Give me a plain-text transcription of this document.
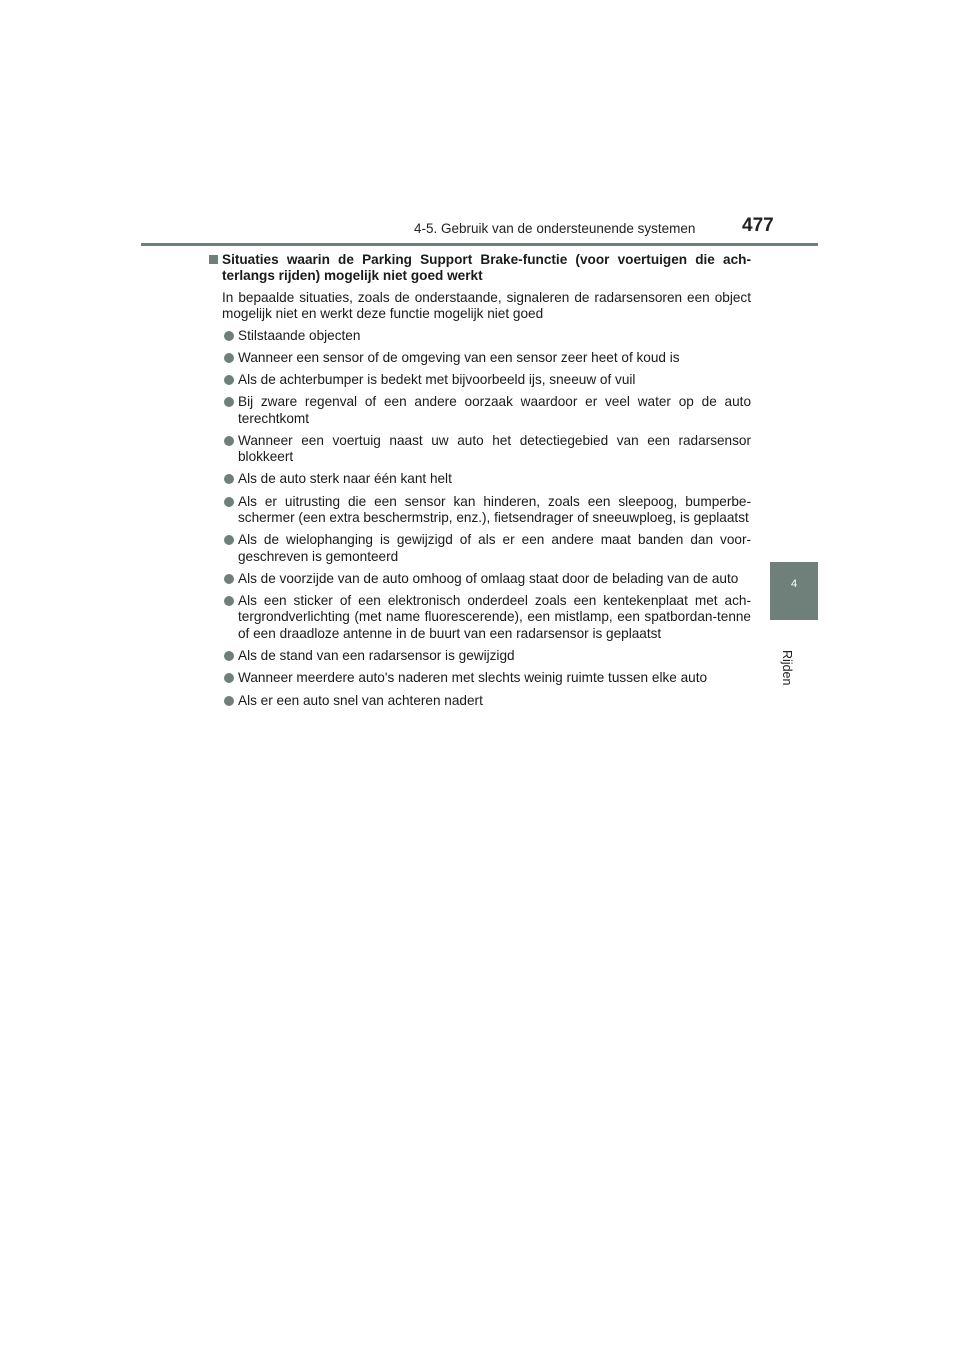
4-5. Gebruik van de ondersteunende systemen 477
4
Rijden

Situaties waarin de Parking Support Brake-functie (voor voertuigen die ach-terlangs rijden) mogelijk niet goed werkt

In bepaalde situaties, zoals de onderstaande, signaleren de radarsensoren een object mogelijk niet en werkt deze functie mogelijk niet goed

Stilstaande objecten
Wanneer een sensor of de omgeving van een sensor zeer heet of koud is
Als de achterbumper is bedekt met bijvoorbeeld ijs, sneeuw of vuil
Bij zware regenval of een andere oorzaak waardoor er veel water op de auto terechtkomt
Wanneer een voertuig naast uw auto het detectiegebied van een radarsensor blokkeert
Als de auto sterk naar één kant helt
Als er uitrusting die een sensor kan hinderen, zoals een sleepoog, bumperbe-schermer (een extra beschermstrip, enz.), fietsendrager of sneeuwploeg, is geplaatst
Als de wielophanging is gewijzigd of als er een andere maat banden dan voor-geschreven is gemonteerd
Als de voorzijde van de auto omhoog of omlaag staat door de belading van de auto
Als een sticker of een elektronisch onderdeel zoals een kentekenplaat met ach-tergrondverlichting (met name fluorescerende), een mistlamp, een spatbordan-tenne of een draadloze antenne in de buurt van een radarsensor is geplaatst
Als de stand van een radarsensor is gewijzigd
Wanneer meerdere auto's naderen met slechts weinig ruimte tussen elke auto
Als er een auto snel van achteren nadert
